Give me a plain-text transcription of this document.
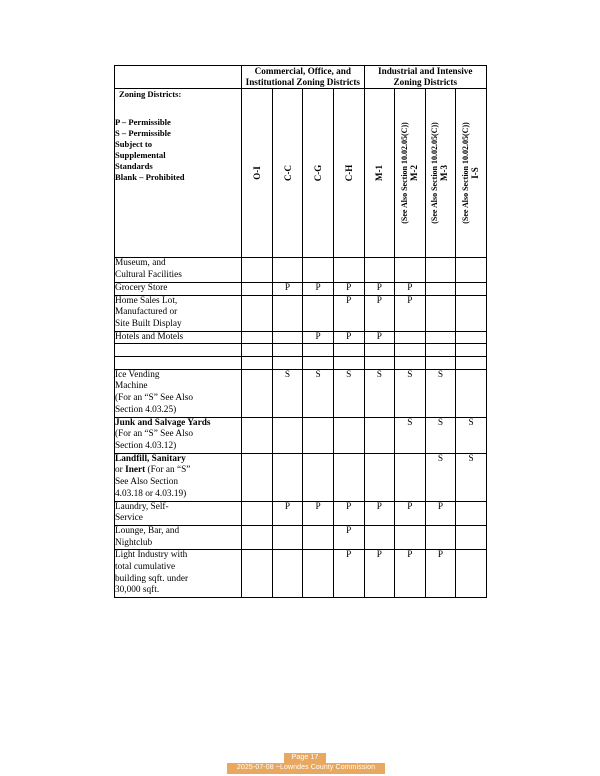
	Commercial, Office, and Institutional Zoning Districts				Industrial and Intensive Zoning Districts			

Zoning Districts:
P – Permissible
S – Permissible
Subject to
Supplemental
Standards
Blank – Prohibited	O-I	C-C	C-G	C-H	M-1	(See Also Section 10.02.05(C)) M-2	(See Also Section 10.02.05(C)) M-3	(See Also Section 10.02.05(C)) I-S

Museum, and
Cultural Facilities								
Grocery Store		P	P	P	P	P		
Home Sales Lot,
Manufactured or
Site Built Display				P	P	P		
Hotels and Motels			P	P	P			

Ice Vending
Machine
(For an “S” See Also
Section 4.03.25)		S	S	S	S	S	S	
Junk and Salvage Yards
(For an “S” See Also
Section 4.03.12)						S	S	S
Landfill, Sanitary
or Inert (For an “S”
See Also Section
4.03.18 or 4.03.19)							S	S
Laundry, Self-
Service		P	P	P	P	P	P	
Lounge, Bar, and
Nightclub				P				
Light Industry with
total cumulative
building sqft. under
30,000 sqft.				P	P	P	P	
Page 17
2025-07-08 ~Lowndes County Commission
